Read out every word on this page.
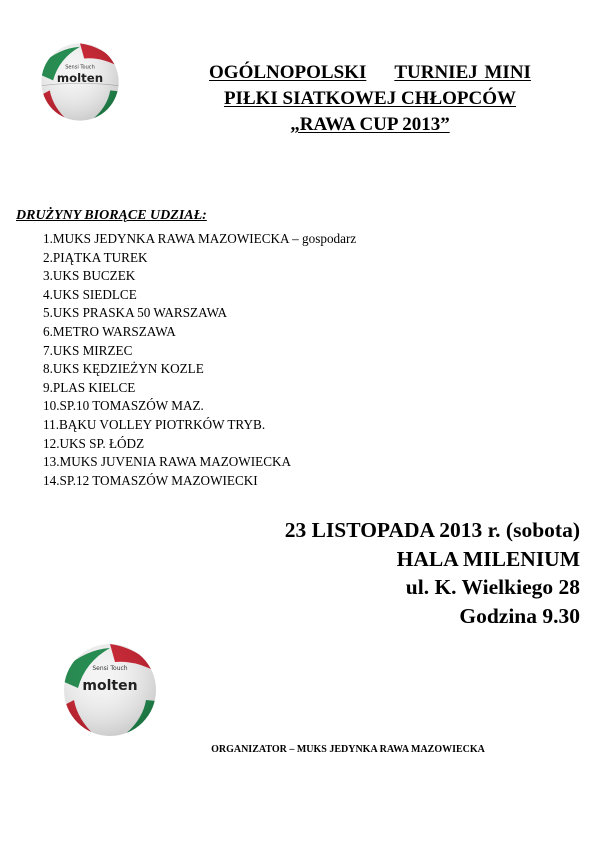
Sensi Touch
molten	OGÓLNOPOLSKI TURNIEJ MINI
PIŁKI SIATKOWEJ CHŁOPCÓW
„RAWA CUP 2013”
DRUŻYNY BIORĄCE UDZIAŁ:
1.MUKS JEDYNKA RAWA MAZOWIECKA – gospodarz
2.PIĄTKA TUREK
3.UKS BUCZEK
4.UKS SIEDLCE
5.UKS PRASKA 50 WARSZAWA
6.METRO WARSZAWA
7.UKS MIRZEC
8.UKS KĘDZIEŻYN KOZLE
9.PLAS KIELCE
10.SP.10 TOMASZÓW MAZ.
11.BĄKU VOLLEY PIOTRKÓW TRYB.
12.UKS SP. ŁÓDZ
13.MUKS JUVENIA RAWA MAZOWIECKA
14.SP.12 TOMASZÓW MAZOWIECKI
23 LISTOPADA 2013 r. (sobota)
HALA MILENIUM
ul. K. Wielkiego 28
Godzina 9.30
Sensi Touch
molten
ORGANIZATOR – MUKS JEDYNKA RAWA MAZOWIECKA
